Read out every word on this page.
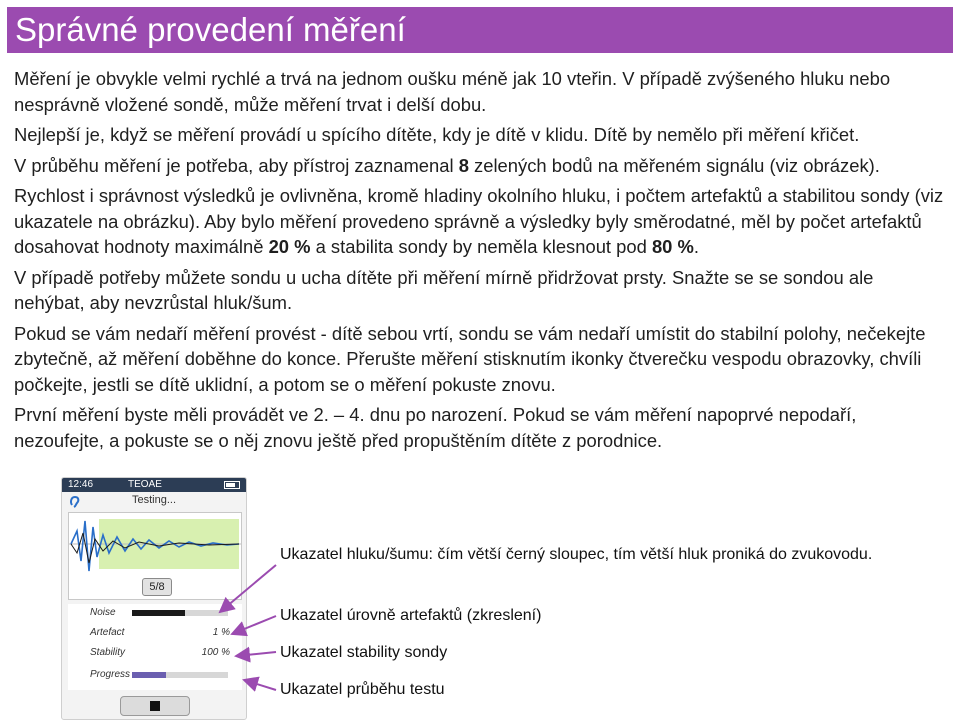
Správné provedení měření

Měření je obvykle velmi rychlé a trvá na jednom oušku méně jak 10 vteřin. V případě zvýšeného hluku nebo nesprávně vložené sondě, může měření trvat i delší dobu.

Nejlepší je, když se měření provádí u spícího dítěte, kdy je dítě v klidu. Dítě by nemělo při měření křičet.

V průběhu měření je potřeba, aby přístroj zaznamenal 8 zelených bodů na měřeném signálu (viz obrázek).

Rychlost i správnost výsledků je ovlivněna, kromě hladiny okolního hluku, i počtem artefaktů a stabilitou sondy (viz ukazatele na obrázku). Aby bylo měření provedeno správně a výsledky byly směrodatné, měl by počet artefaktů dosahovat hodnoty maximálně 20 % a stabilita sondy by neměla klesnout pod 80 %.

V případě potřeby můžete sondu u ucha dítěte při měření mírně přidržovat prsty. Snažte se se sondou ale nehýbat, aby nevzrůstal hluk/šum.

Pokud se vám nedaří měření provést - dítě sebou vrtí, sondu se vám nedaří umístit do stabilní polohy, nečekejte zbytečně, až měření doběhne do konce. Přerušte měření stisknutím ikonky čtverečku vespodu obrazovky, chvíli počkejte, jestli se dítě uklidní, a potom se o měření pokuste znovu.

První měření byste měli provádět ve 2. – 4. dnu po narození. Pokud se vám měření napoprvé nepodaří, nezoufejte, a pokuste se o něj znovu ještě před propuštěním dítěte z porodnice.

12:46	TEOAE
Testing...
5/8
Noise
Artefact	1 %
Stability	100 %
Progress
Ukazatel hluku/šumu: čím větší černý sloupec, tím větší hluk proniká do zvukovodu.
Ukazatel úrovně artefaktů (zkreslení)
Ukazatel stability sondy
Ukazatel průběhu testu
